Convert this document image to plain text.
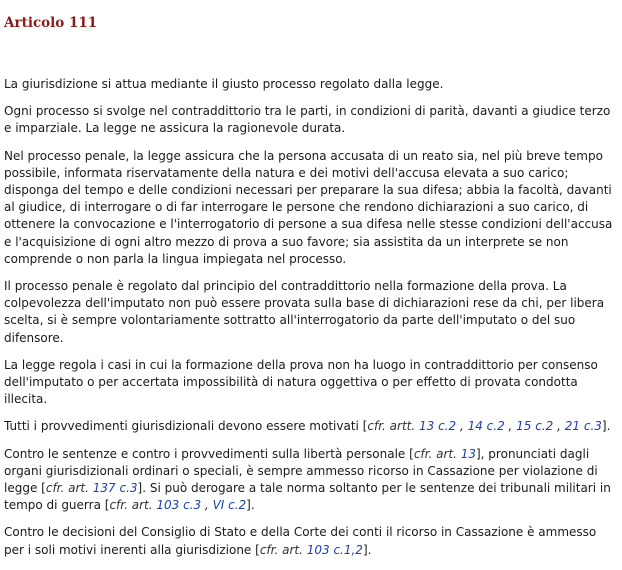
Articolo 111

La giurisdizione si attua mediante il giusto processo regolato dalla legge.

Ogni processo si svolge nel contraddittorio tra le parti, in condizioni di parità, davanti a giudice terzo e imparziale. La legge ne assicura la ragionevole durata.

Nel processo penale, la legge assicura che la persona accusata di un reato sia, nel più breve tempo possibile, informata riservatamente della natura e dei motivi dell'accusa elevata a suo carico; disponga del tempo e delle condizioni necessari per preparare la sua difesa; abbia la facoltà, davanti al giudice, di interrogare o di far interrogare le persone che rendono dichiarazioni a suo carico, di ottenere la convocazione e l'interrogatorio di persone a sua difesa nelle stesse condizioni dell'accusa e l'acquisizione di ogni altro mezzo di prova a suo favore; sia assistita da un interprete se non comprende o non parla la lingua impiegata nel processo.

Il processo penale è regolato dal principio del contraddittorio nella formazione della prova. La colpevolezza dell'imputato non può essere provata sulla base di dichiarazioni rese da chi, per libera scelta, si è sempre volontariamente sottratto all'interrogatorio da parte dell'imputato o del suo difensore.

La legge regola i casi in cui la formazione della prova non ha luogo in contraddittorio per consenso dell'imputato o per accertata impossibilità di natura oggettiva o per effetto di provata condotta illecita.

Tutti i provvedimenti giurisdizionali devono essere motivati [cfr. artt. 13 c.2 , 14 c.2 , 15 c.2 , 21 c.3].

Contro le sentenze e contro i provvedimenti sulla libertà personale [cfr. art. 13], pronunciati dagli organi giurisdizionali ordinari o speciali, è sempre ammesso ricorso in Cassazione per violazione di legge [cfr. art. 137 c.3]. Si può derogare a tale norma soltanto per le sentenze dei tribunali militari in tempo di guerra [cfr. art. 103 c.3 , VI c.2].

Contro le decisioni del Consiglio di Stato e della Corte dei conti il ricorso in Cassazione è ammesso per i soli motivi inerenti alla giurisdizione [cfr. art. 103 c.1,2].
